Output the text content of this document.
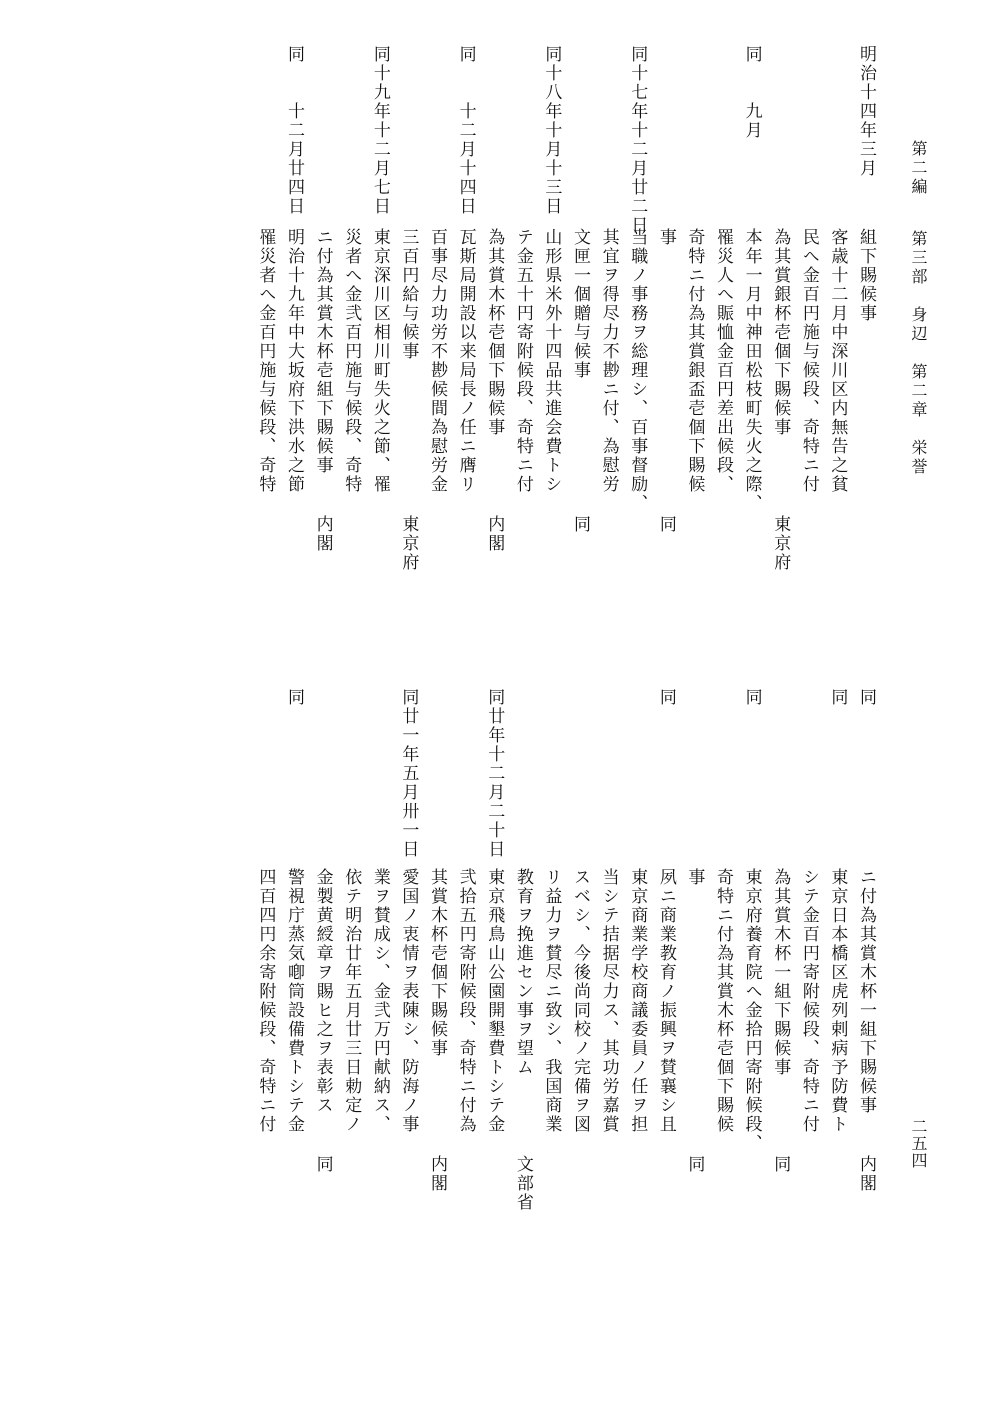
第二編
第三部　身辺　第二章　栄誉
二五四
明治十四年三月
組下賜候事
客歳十二月中深川区内無告之貧
民へ金百円施与候段、奇特ニ付
為其賞銀杯壱個下賜候事
東京府
同　　九月
本年一月中神田松枝町失火之際、
罹災人へ賑恤金百円差出候段、
奇特ニ付為其賞銀盃壱個下賜候
事
同
同十七年十二月廿二日
当職ノ事務ヲ総理シ、百事督励、
其宜ヲ得尽力不尠ニ付、為慰労
文匣一個贈与候事
同
同十八年十月十三日
山形県米外十四品共進会費トシ
テ金五十円寄附候段、奇特ニ付
為其賞木杯壱個下賜候事
内閣
同　　十二月十四日
瓦斯局開設以来局長ノ任ニ膺リ
百事尽力功労不尠候間為慰労金
三百円給与候事
東京府
同十九年十二月七日
東京深川区相川町失火之節、罹
災者へ金弐百円施与候段、奇特
ニ付為其賞木杯壱組下賜候事
内閣
同　　十二月廿四日
明治十九年中大坂府下洪水之節
罹災者へ金百円施与候段、奇特
同
ニ付為其賞木杯一組下賜候事
内閣
同
東京日本橋区虎列剌病予防費ト
シテ金百円寄附候段、奇特ニ付
為其賞木杯一組下賜候事
同
同
東京府養育院へ金拾円寄附候段、
奇特ニ付為其賞木杯壱個下賜候
事
同
同
夙ニ商業教育ノ振興ヲ賛襄シ且
東京商業学校商議委員ノ任ヲ担
当シテ拮据尽力ス、其功労嘉賞
スベシ、今後尚同校ノ完備ヲ図
リ益力ヲ賛尽ニ致シ、我国商業
教育ヲ挽進セン事ヲ望ム
文部省
同廿年十二月二十日
東京飛鳥山公園開墾費トシテ金
弐拾五円寄附候段、奇特ニ付為
其賞木杯壱個下賜候事
内閣
同廿一年五月卅一日
愛国ノ衷情ヲ表陳シ、防海ノ事
業ヲ賛成シ、金弐万円献納ス、
依テ明治廿年五月廿三日勅定ノ
金製黄綬章ヲ賜ヒ之ヲ表彰ス
同
同
警視庁蒸気喞筒設備費トシテ金
四百四円余寄附候段、奇特ニ付
